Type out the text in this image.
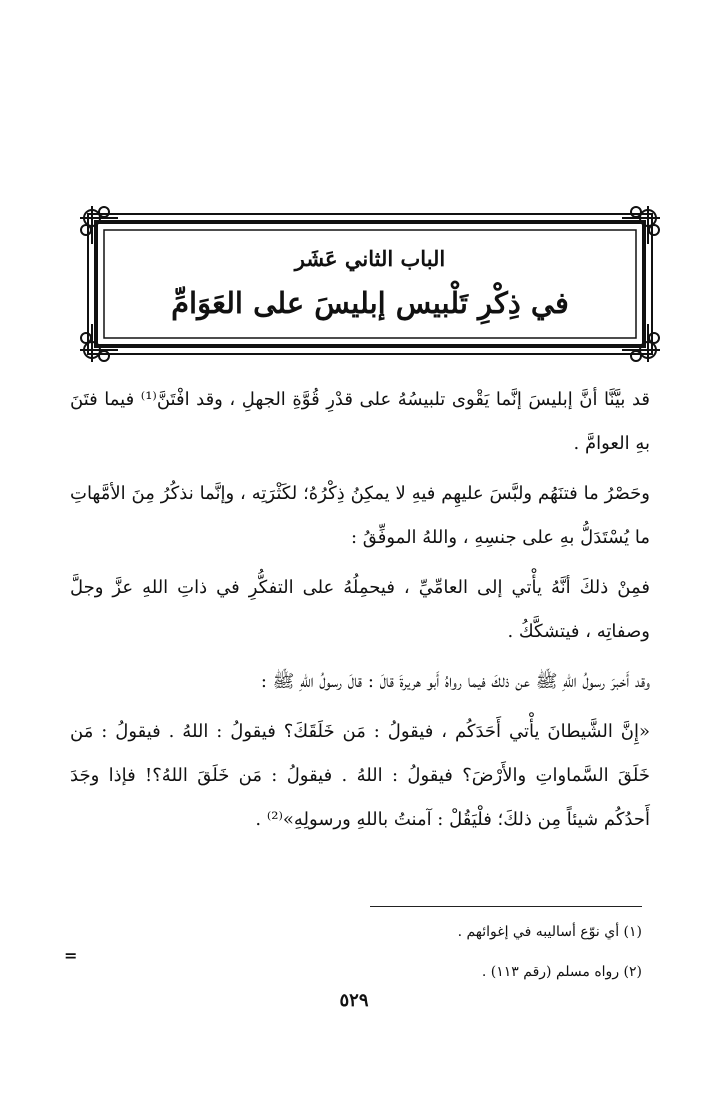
الباب الثاني عَشَر
في ذِكْرِ تَلْبيس إبليسَ على العَوَامِّ

قد بيَّنَّا أنَّ إبليسَ إنَّما يَقْوى تلبيسُهُ على قدْرِ قُوَّةِ الجهلِ ، وقد افْتَنَّ⁽¹⁾ فيما فتَنَ بهِ العوامَّ .

وحَصْرُ ما فتنَهُم ولبَّسَ عليهِم فيهِ لا يمكِنُ ذِكْرُهُ؛ لكَثْرَتِه ، وإنَّما نذكُرُ مِنَ الأمَّهاتِ ما يُسْتَدَلُّ بهِ على جنسِهِ ، واللهُ الموفِّقُ :

فمِنْ ذلكَ أنَّهُ يأْتي إلى العامِّيِّ ، فيحمِلُهُ على التفكُّرِ في ذاتِ اللهِ عزَّ وجلَّ وصفاتِه ، فيتشكَّكُ .

وقد أَخبرَ رسولُ اللهِ ﷺ عن ذلكَ فيما رواهُ أَبو هريرةَ قالَ : قالَ رسولُ اللهِ ﷺ :

«إِنَّ الشَّيطانَ يأْتي أَحَدَكُم ، فيقولُ : مَن خَلَقَكَ؟ فيقولُ : اللهُ . فيقولُ : مَن خَلَقَ السَّماواتِ والأَرْضَ؟ فيقولُ : اللهُ . فيقولُ : مَن خَلَقَ اللهُ؟! فإذا وجَدَ أَحدُكُم شيئاً مِن ذلكَ؛ فلْيَقُلْ : آمنتُ باللهِ ورسولِهِ»⁽²⁾ .

(١) أي نوّع أساليبه في إغوائهم .

(٢) رواه مسلم (رقم ١١٣) .

=
٥٢٩
